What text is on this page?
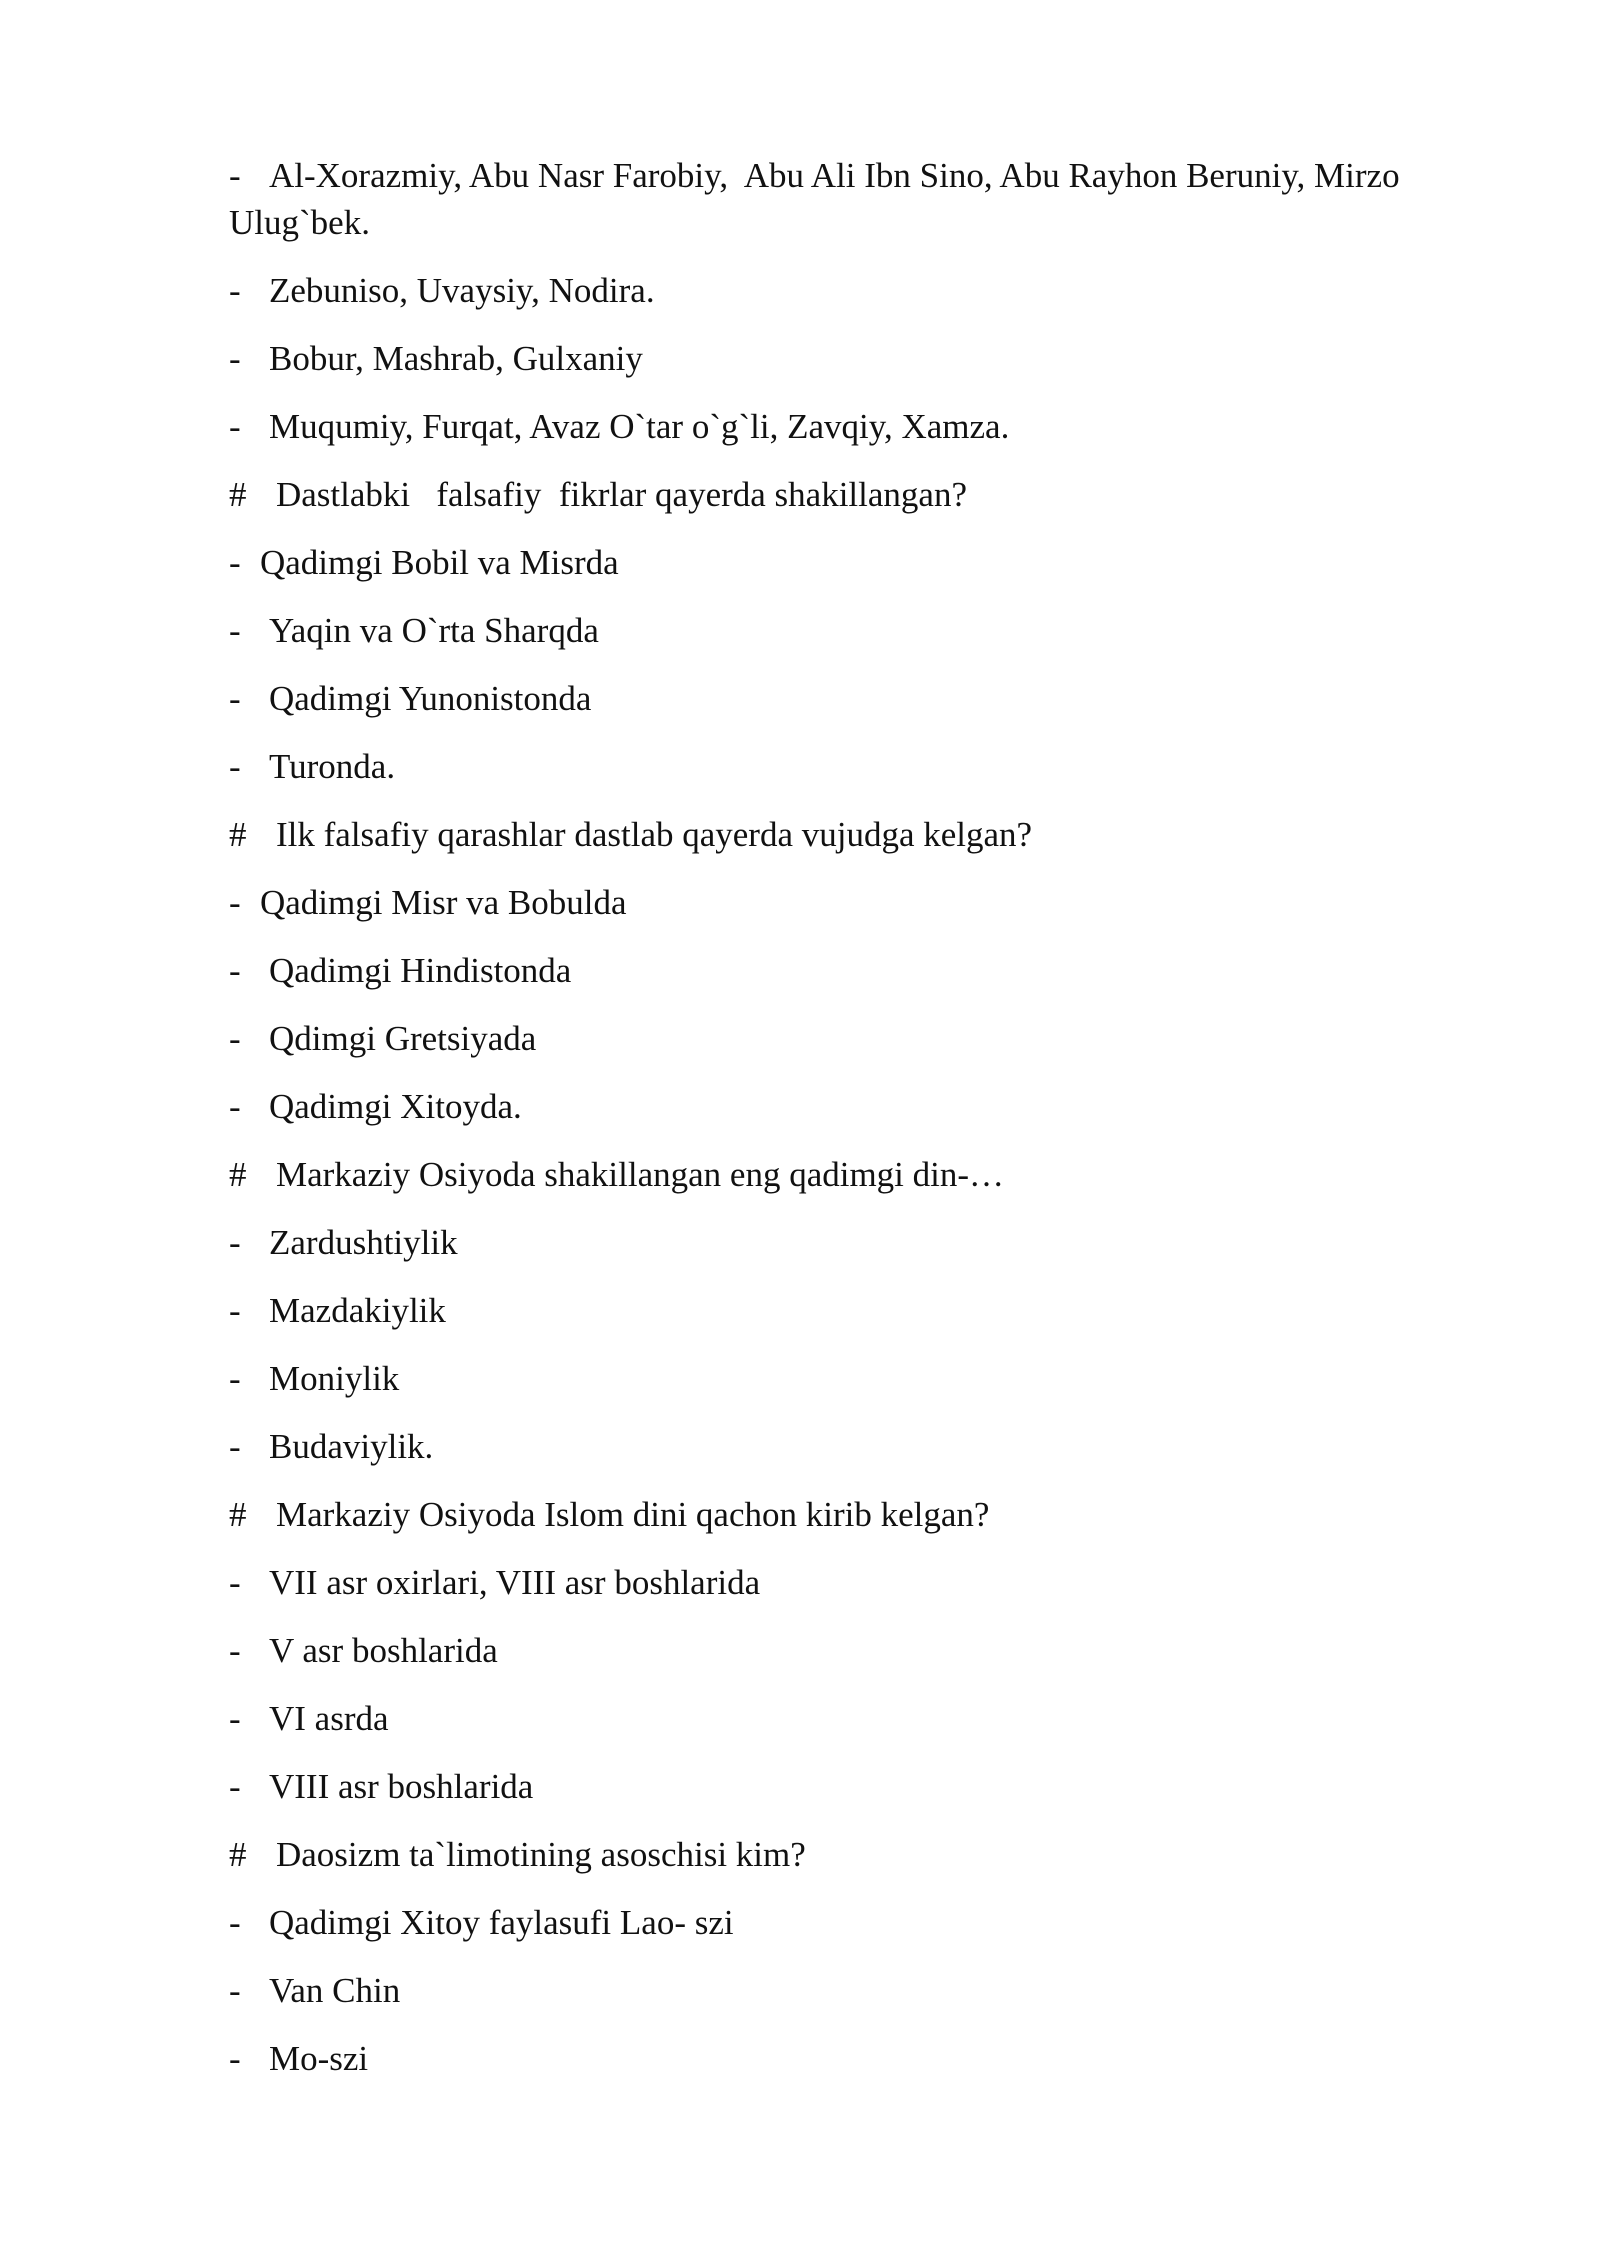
- Al-Xorazmiy, Abu Nasr Farobiy,  Abu Ali Ibn Sino, Abu Rayhon Beruniy, Mirzo Ulug`bek.
- Zebuniso, Uvaysiy, Nodira.
- Bobur, Mashrab, Gulxaniy
- Muqumiy, Furqat, Avaz O`tar o`g`li, Zavqiy, Xamza.
# Dastlabki   falsafiy  fikrlar qayerda shakillangan?
- Qadimgi Bobil va Misrda
- Yaqin va O`rta Sharqda
- Qadimgi Yunonistonda
- Turonda.
# Ilk falsafiy qarashlar dastlab qayerda vujudga kelgan?
- Qadimgi Misr va Bobulda
- Qadimgi Hindistonda
- Qdimgi Gretsiyada
- Qadimgi Xitoyda.
# Markaziy Osiyoda shakillangan eng qadimgi din-…
- Zardushtiylik
- Mazdakiylik
- Moniylik
- Budaviylik.
# Markaziy Osiyoda Islom dini qachon kirib kelgan?
- VII asr oxirlari, VIII asr boshlarida
- V asr boshlarida
- VI asrda
- VIII asr boshlarida
# Daosizm ta`limotining asoschisi kim?
- Qadimgi Xitoy faylasufi Lao- szi
- Van Chin
- Mo-szi
